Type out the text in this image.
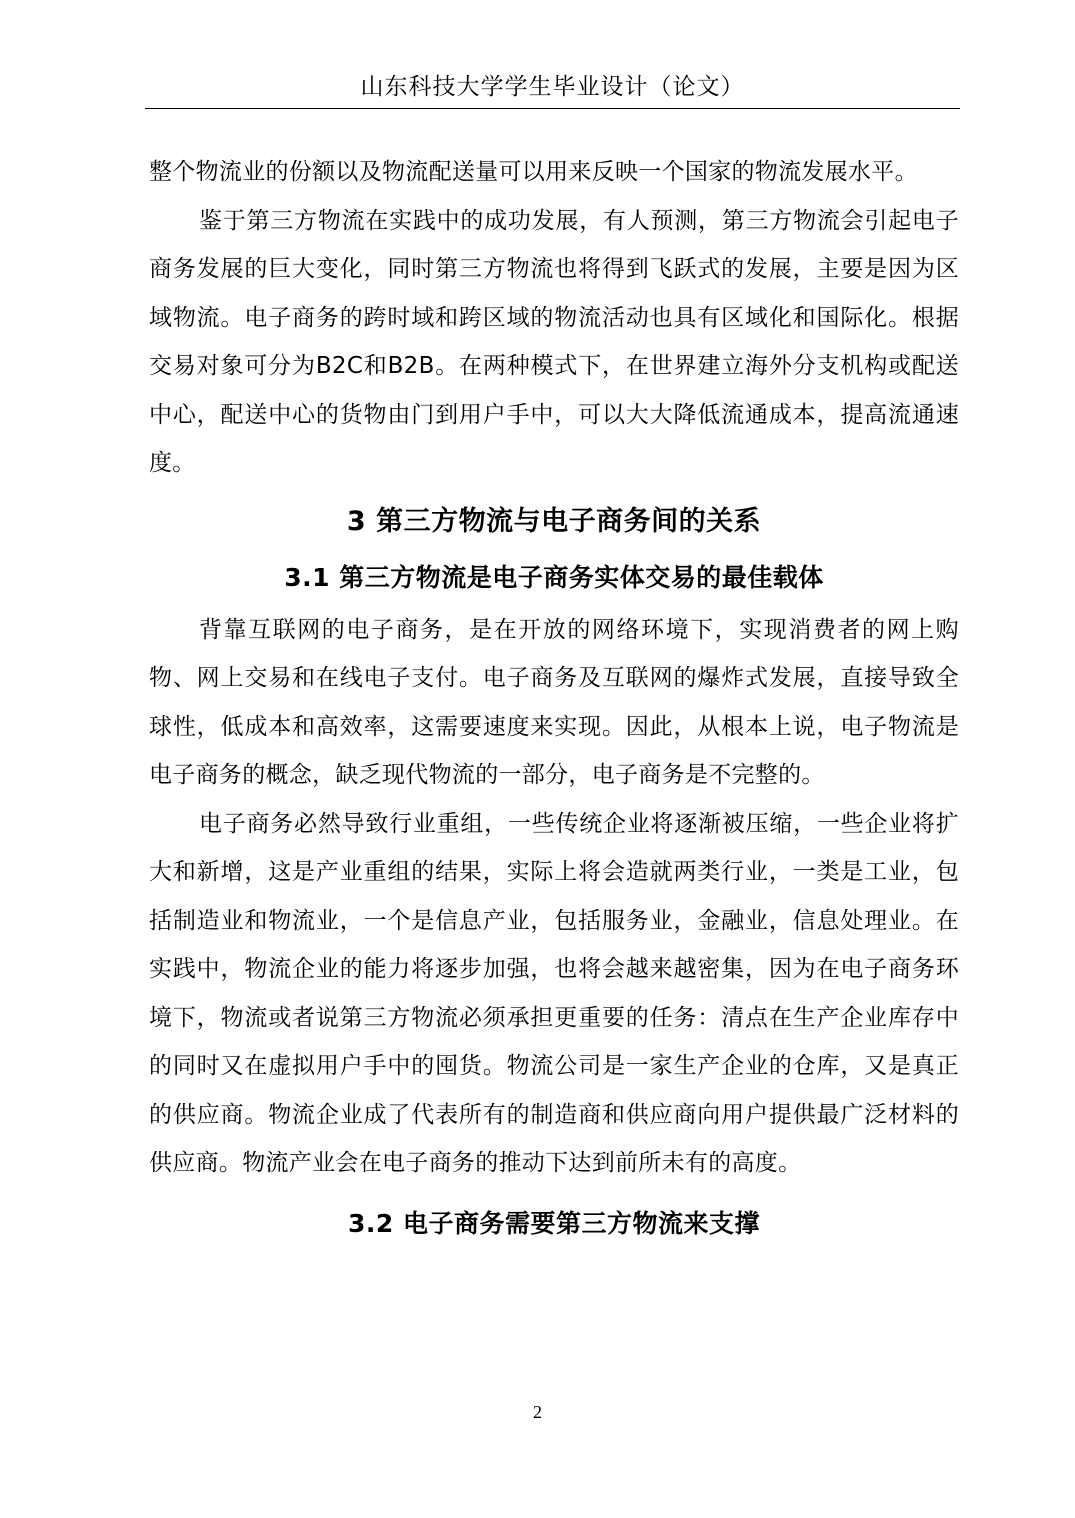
山东科技大学学生毕业设计（论文）

整个物流业的份额以及物流配送量可以用来反映一个国家的物流发展水平。

鉴于第三方物流在实践中的成功发展，有人预测，第三方物流会引起电子商务发展的巨大变化，同时第三方物流也将得到飞跃式的发展，主要是因为区域物流。电子商务的跨时域和跨区域的物流活动也具有区域化和国际化。根据交易对象可分为B2C和B2B。在两种模式下，在世界建立海外分支机构或配送中心，配送中心的货物由门到用户手中，可以大大降低流通成本，提高流通速度。

3 第三方物流与电子商务间的关系
3.1 第三方物流是电子商务实体交易的最佳载体

背靠互联网的电子商务，是在开放的网络环境下，实现消费者的网上购物、网上交易和在线电子支付。电子商务及互联网的爆炸式发展，直接导致全球性，低成本和高效率，这需要速度来实现。因此，从根本上说，电子物流是电子商务的概念，缺乏现代物流的一部分，电子商务是不完整的。

电子商务必然导致行业重组，一些传统企业将逐渐被压缩，一些企业将扩大和新增，这是产业重组的结果，实际上将会造就两类行业，一类是工业，包括制造业和物流业，一个是信息产业，包括服务业，金融业，信息处理业。在实践中，物流企业的能力将逐步加强，也将会越来越密集，因为在电子商务环境下，物流或者说第三方物流必须承担更重要的任务：清点在生产企业库存中的同时又在虚拟用户手中的囤货。物流公司是一家生产企业的仓库，又是真正的供应商。物流企业成了代表所有的制造商和供应商向用户提供最广泛材料的供应商。物流产业会在电子商务的推动下达到前所未有的高度。

3.2 电子商务需要第三方物流来支撑
2
